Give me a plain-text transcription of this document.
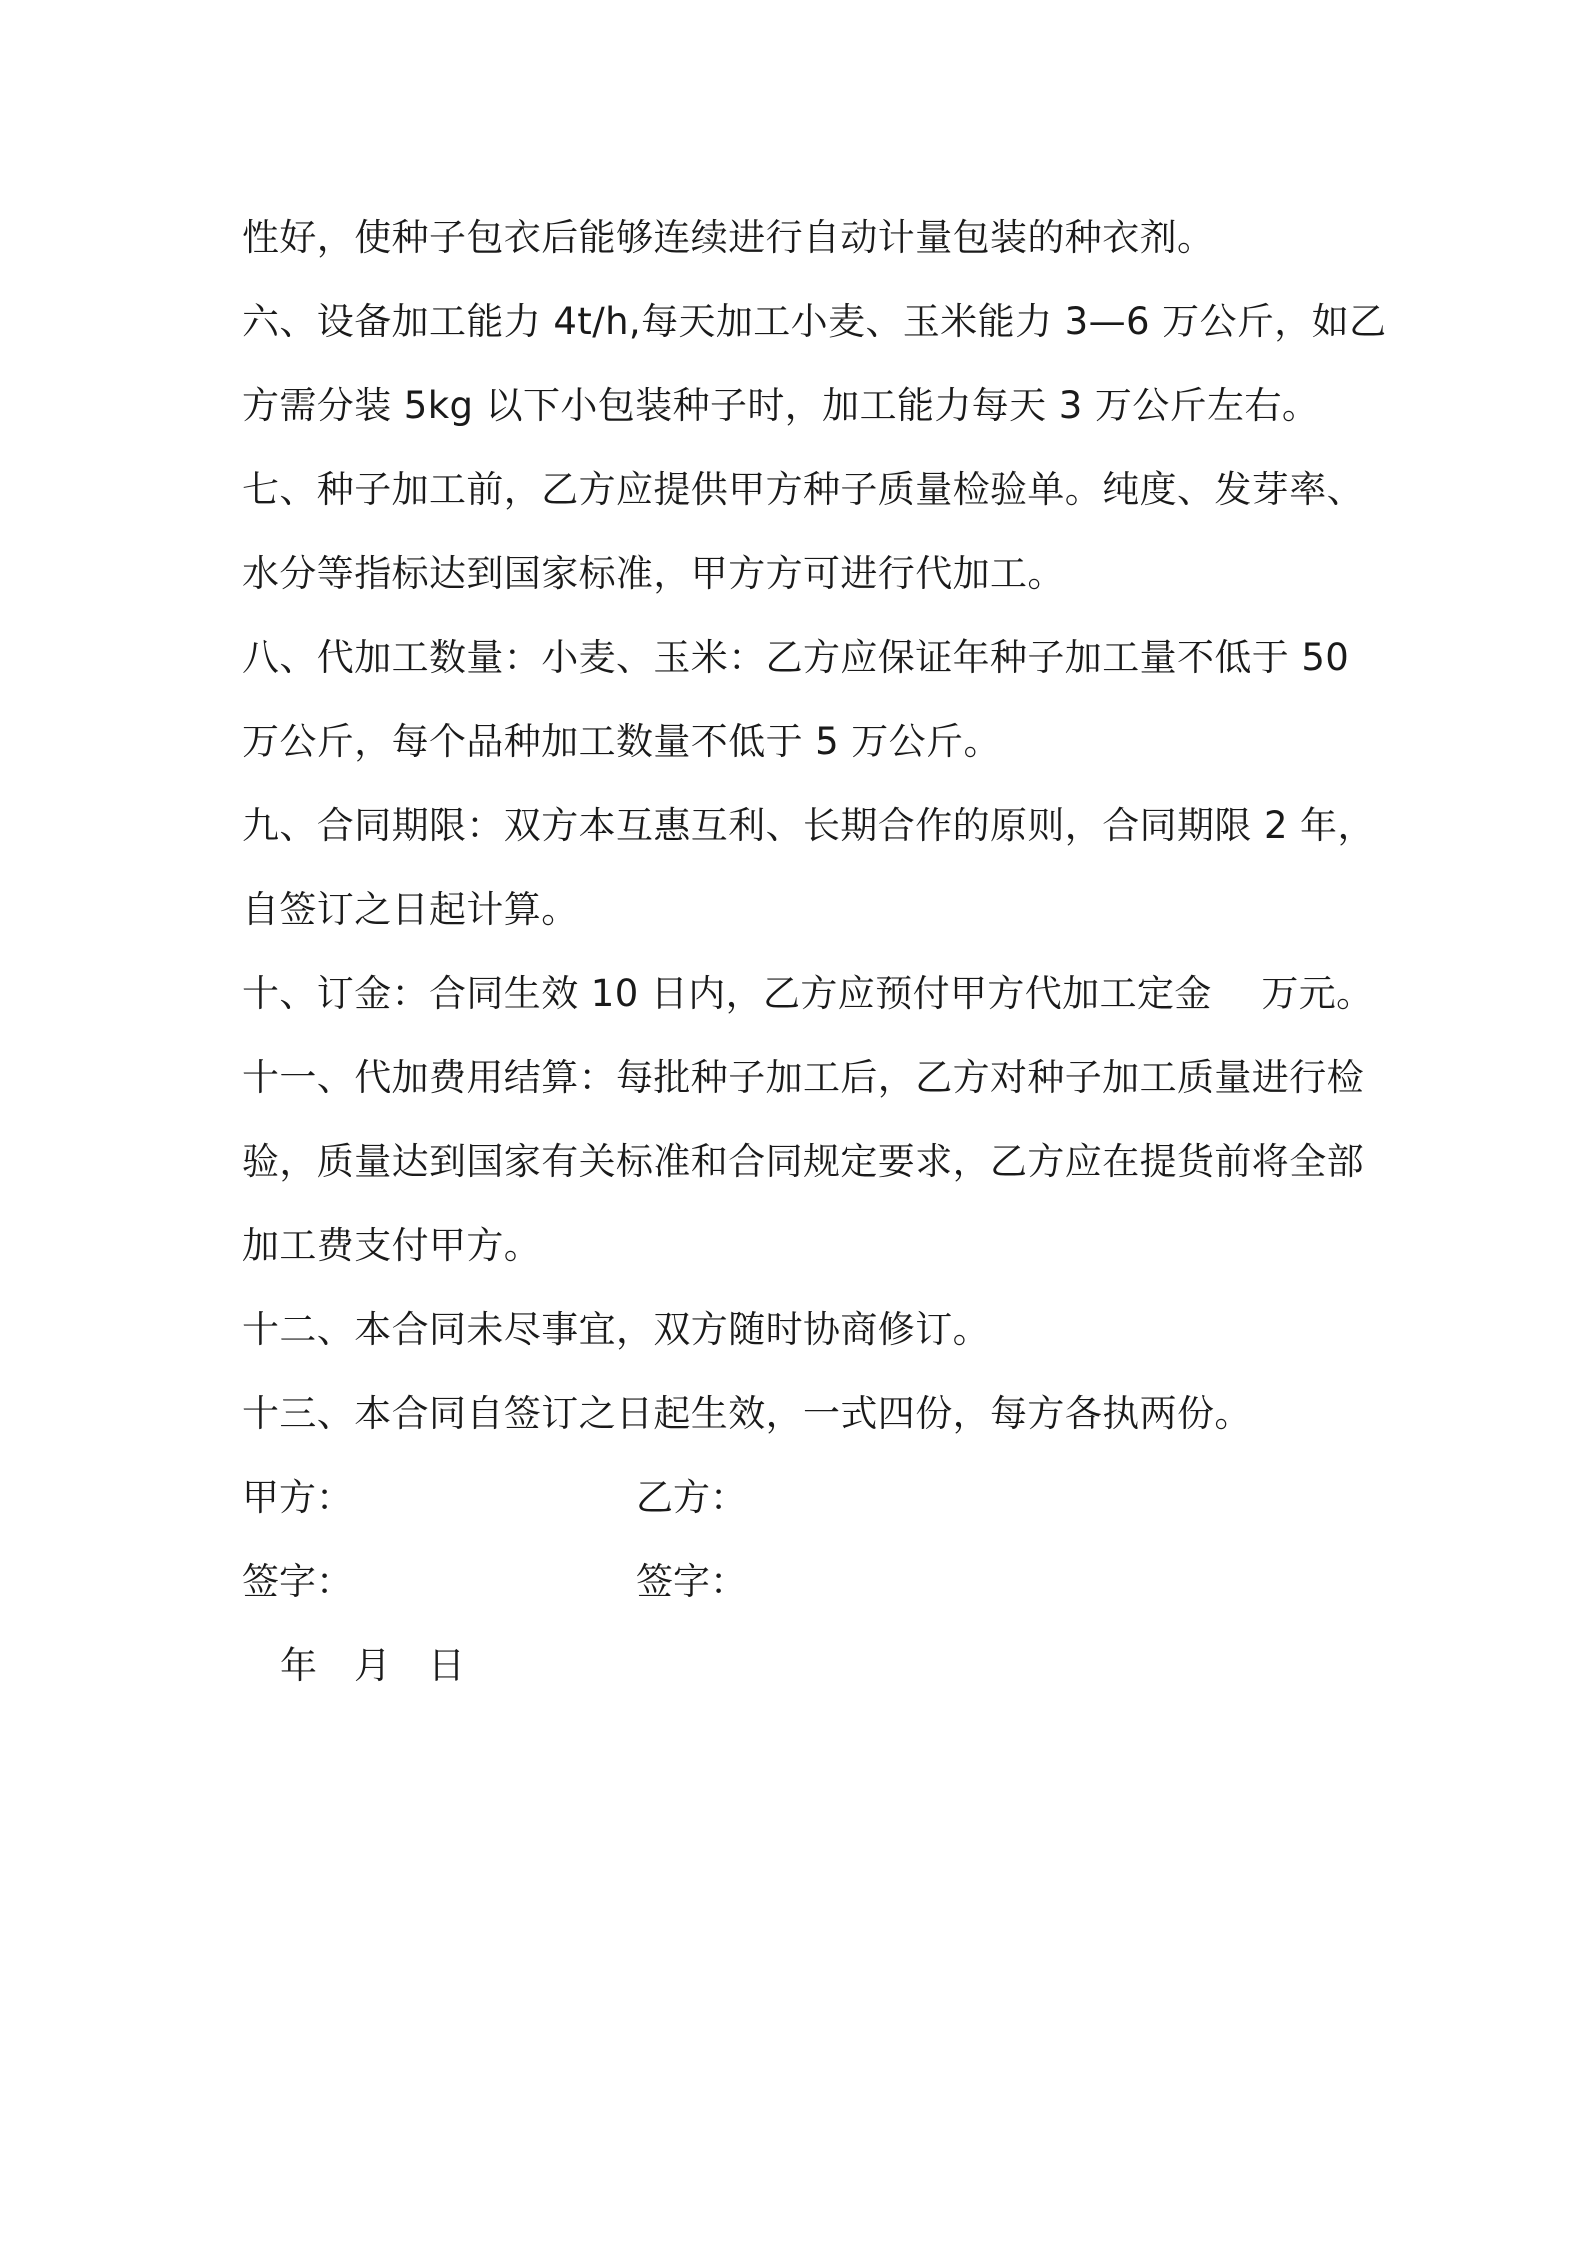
性好，使种子包衣后能够连续进行自动计量包装的种衣剂。
六、设备加工能力 4t/h,每天加工小麦、玉米能力 3—6 万公斤，如乙
方需分装 5kg 以下小包装种子时，加工能力每天 3 万公斤左右。
七、种子加工前，乙方应提供甲方种子质量检验单。纯度、发芽率、
水分等指标达到国家标准，甲方方可进行代加工。
八、代加工数量：小麦、玉米：乙方应保证年种子加工量不低于 50
万公斤，每个品种加工数量不低于 5 万公斤。
九、合同期限：双方本互惠互利、长期合作的原则，合同期限 2 年，
自签订之日起计算。
十、订金：合同生效 10 日内，乙方应预付甲方代加工定金　 万元。
十一、代加费用结算：每批种子加工后，乙方对种子加工质量进行检
验，质量达到国家有关标准和合同规定要求，乙方应在提货前将全部
加工费支付甲方。
十二、本合同未尽事宜，双方随时协商修订。
十三、本合同自签订之日起生效，一式四份，每方各执两份。
甲方：	乙方：
签字：	签字：
年　月　日
